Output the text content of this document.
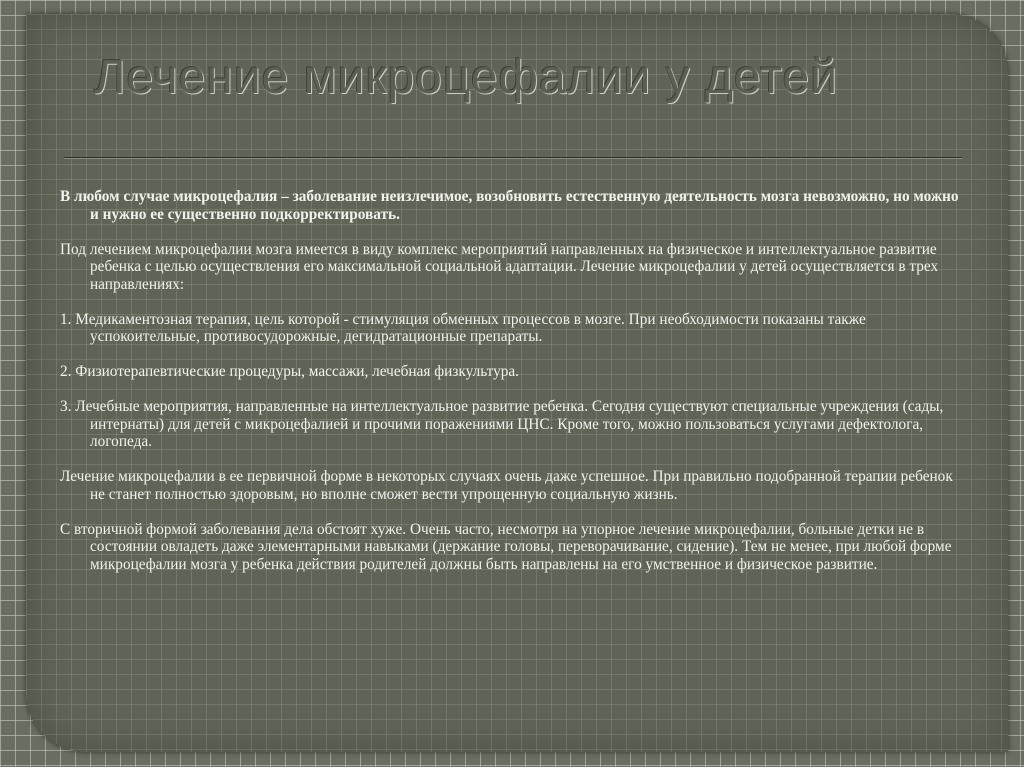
Лечение микроцефалии у детей

В любом случае микроцефалия – заболевание неизлечимое, возобновить естественную деятельность мозга невозможно, но можно и нужно ее существенно подкорректировать.

Под лечением микроцефалии мозга имеется в виду комплекс мероприятий направленных на физическое и интеллектуальное развитие ребенка с целью осуществления его максимальной социальной адаптации. Лечение микроцефалии у детей осуществляется в трех направлениях:

1. Медикаментозная терапия, цель которой - стимуляция обменных процессов в мозге. При необходимости показаны также успокоительные, противосудорожные, дегидратационные препараты.

2. Физиотерапевтические процедуры, массажи, лечебная физкультура.

3. Лечебные мероприятия, направленные на интеллектуальное развитие ребенка. Сегодня существуют специальные учреждения (сады, интернаты) для детей с микроцефалией и прочими поражениями ЦНС. Кроме того, можно пользоваться услугами дефектолога, логопеда.

Лечение микроцефалии в ее первичной форме в некоторых случаях очень даже успешное. При правильно подобранной терапии ребенок не станет полностью здоровым, но вполне сможет вести упрощенную социальную жизнь.

С вторичной формой заболевания дела обстоят хуже. Очень часто, несмотря на упорное лечение микроцефалии, больные детки не в состоянии овладеть даже элементарными навыками (держание головы, переворачивание, сидение). Тем не менее, при любой форме микроцефалии мозга у ребенка действия родителей должны быть направлены на его умственное и физическое развитие.
